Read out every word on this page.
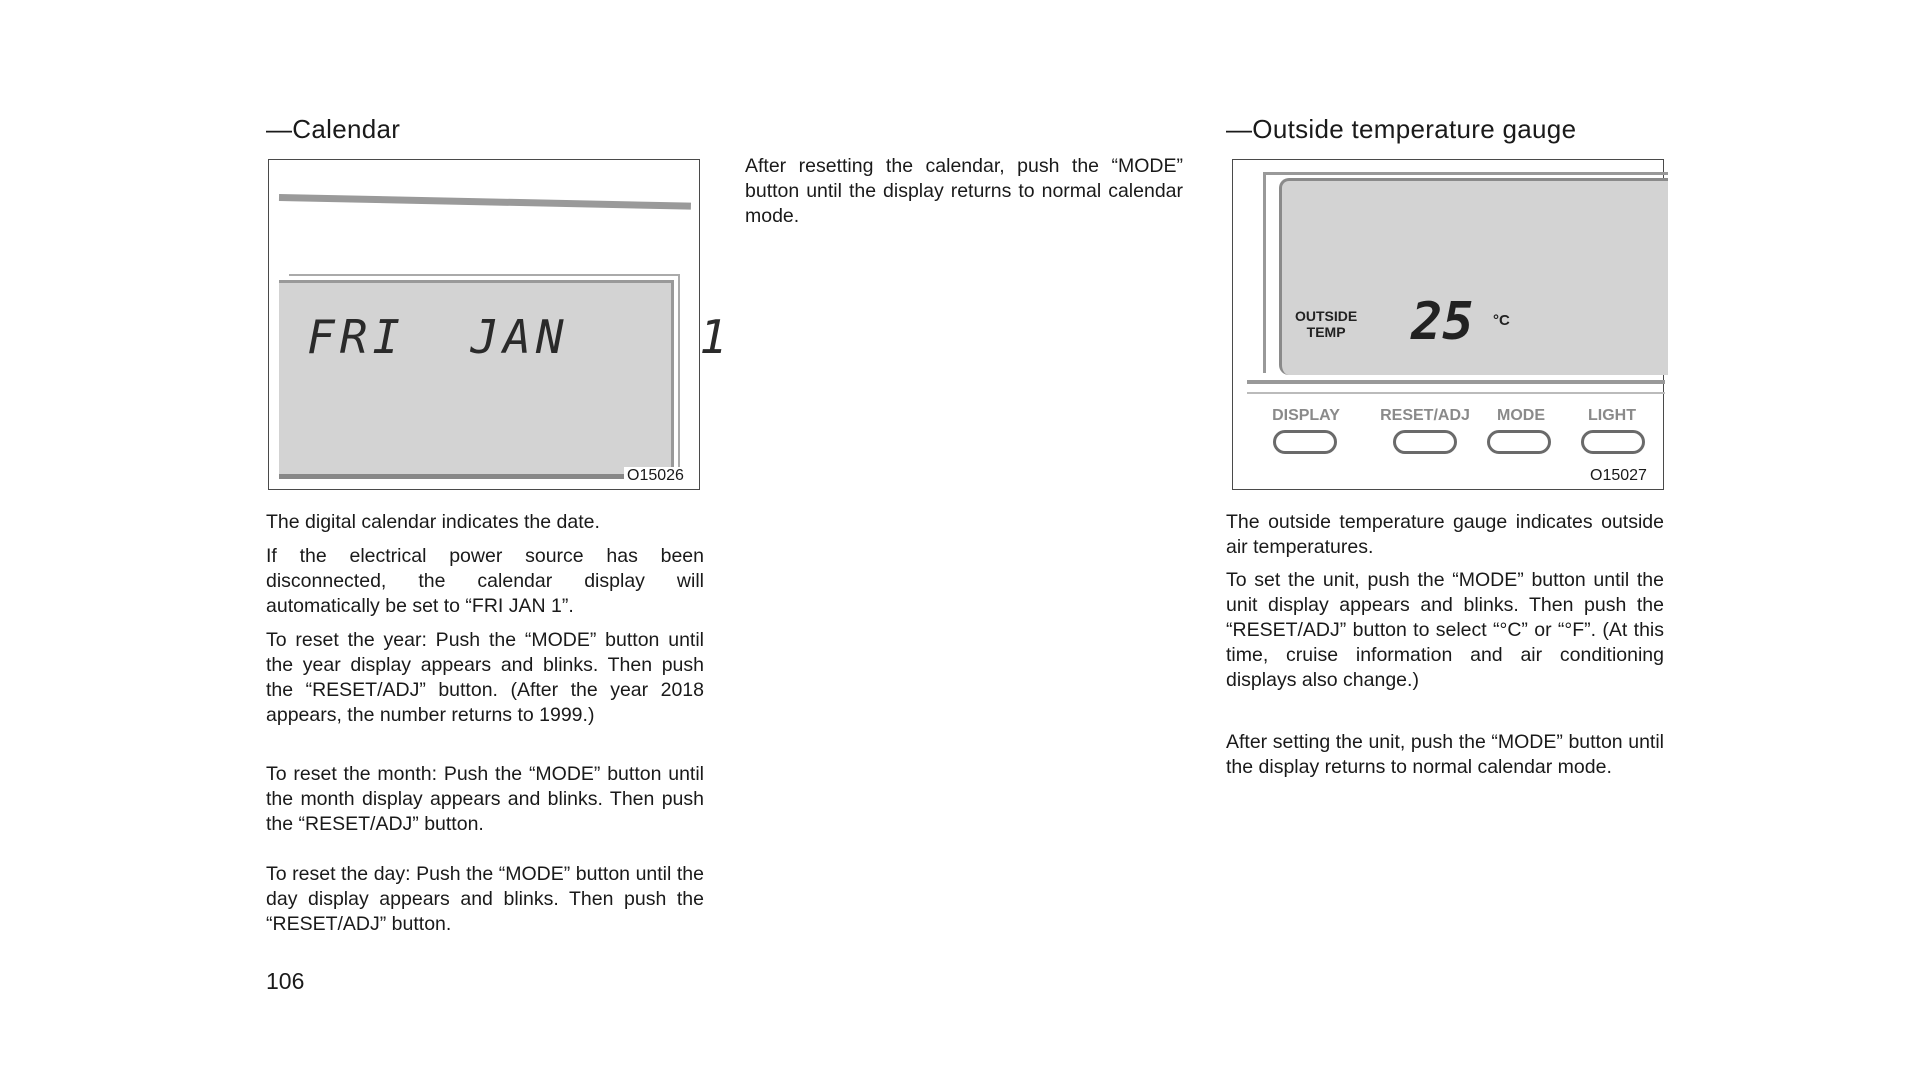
—Calendar
FRI  JAN    1
O15026

The digital calendar indicates the date.

If the electrical power source has been disconnected, the calendar display will automatically be set to “FRI JAN 1”.

To reset the year: Push the “MODE” button until the year display appears and blinks. Then push the “RESET/ADJ” button. (After the year 2018 appears, the number returns to 1999.)

To reset the month: Push the “MODE” button until the month display appears and blinks. Then push the “RESET/ADJ” button.

To reset the day: Push the “MODE” button until the day display appears and blinks. Then push the “RESET/ADJ” button.

106

After resetting the calendar, push the “MODE” button until the display returns to normal calendar mode.

—Outside temperature gauge
OUTSIDE
TEMP 25 °C
DISPLAY	RESET/ADJ	MODE	LIGHT
O15027

The outside temperature gauge indicates outside air temperatures.

To set the unit, push the “MODE” button until the unit display appears and blinks. Then push the “RESET/ADJ” button to select “°C” or “°F”. (At this time, cruise information and air conditioning displays also change.)

After setting the unit, push the “MODE” button until the display returns to normal calendar mode.
